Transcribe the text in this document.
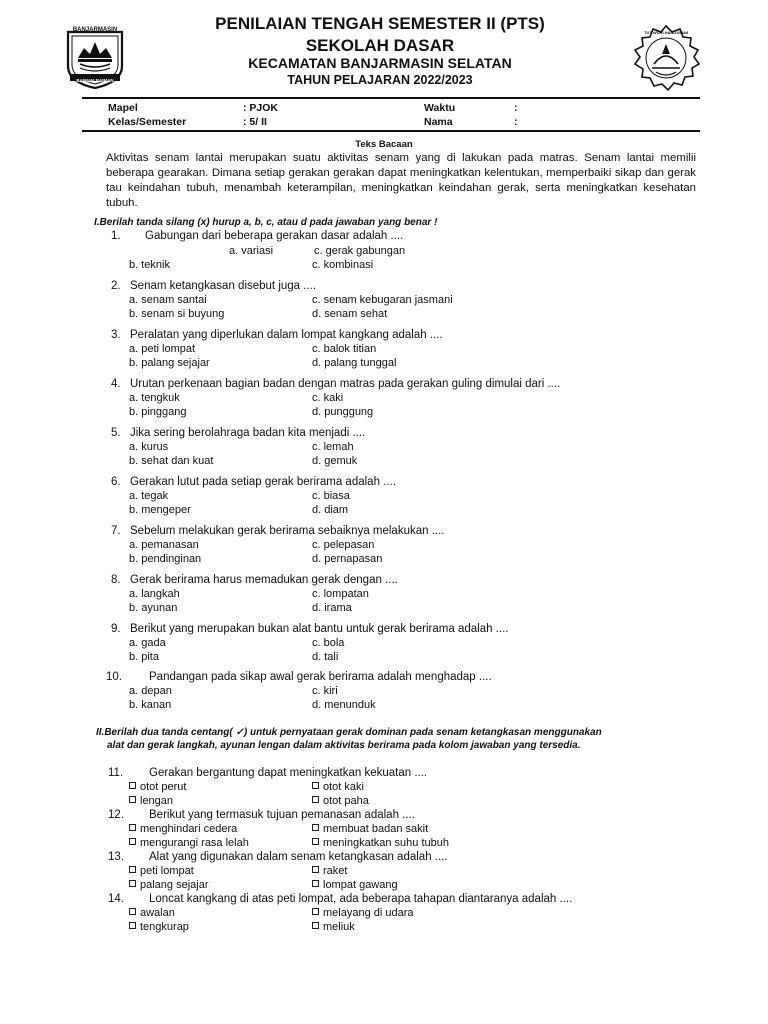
BANJARMASIN
BAIMAN BAIMAN
TUT WURI HANDAYANI
PENILAIAN TENGAH SEMESTER II (PTS)
SEKOLAH DASAR
KECAMATAN BANJARMASIN SELATAN
TAHUN PELAJARAN 2022/2023
Mapel	: PJOK	Waktu	:
Kelas/Semester	: 5/ II	Nama	:
Teks Bacaan
Aktivitas senam lantai merupakan suatu aktivitas senam yang di lakukan pada matras. Senam lantai memilii beberapa gearakan. Dimana setiap gerakan gerakan dapat meningkatkan kelentukan, memperbaiki sikap dan gerak tau keindahan tubuh, menambah keterampilan, meningkatkan keindahan gerak, serta meningkatkan kesehatan tubuh.
I.Berilah tanda silang (x) hurup a, b, c, atau d pada jawaban yang benar !
1. Gabungan dari beberapa gerakan dasar adalah ....
a. variasi	c. gerak gabungan
b. teknik	c. kombinasi
2. Senam ketangkasan disebut juga ....
a. senam santai	c. senam kebugaran jasmani
b. senam si buyung	d. senam sehat
3. Peralatan yang diperlukan dalam lompat kangkang adalah ....
a. peti lompat	c. balok titian
b. palang sejajar	d. palang tunggal
4. Urutan perkenaan bagian badan dengan matras pada gerakan guling dimulai dari ....
a. tengkuk	c. kaki
b. pinggang	d. punggung
5. Jika sering berolahraga badan kita menjadi ....
a. kurus	c. lemah
b. sehat dan kuat	d. gemuk
6. Gerakan lutut pada setiap gerak berirama adalah ....
a. tegak	c. biasa
b. mengeper	d. diam
7. Sebelum melakukan gerak berirama sebaiknya melakukan ....
a. pemanasan	c. pelepasan
b. pendinginan	d. pernapasan
8. Gerak berirama harus memadukan gerak dengan ....
a. langkah	c. lompatan
b. ayunan	d. irama
9. Berikut yang merupakan bukan alat bantu untuk gerak berirama adalah ....
a. gada	c. bola
b. pita	d. tali
10. Pandangan pada sikap awal gerak berirama adalah menghadap ....
a. depan	c. kiri
b. kanan	d. menunduk
II.Berilah dua tanda centang( ✓) untuk pernyataan gerak dominan pada senam ketangkasan menggunakan
alat dan gerak langkah, ayunan lengan dalam aktivitas berirama pada kolom jawaban yang tersedia.
11. Gerakan bergantung dapat meningkatkan kekuatan ....
otot perut	otot kaki
lengan	otot paha
12. Berikut yang termasuk tujuan pemanasan adalah ....
menghindari cedera	membuat badan sakit
mengurangi rasa lelah	meningkatkan suhu tubuh
13. Alat yang digunakan dalam senam ketangkasan adalah ....
peti lompat	raket
palang sejajar	lompat gawang
14. Loncat kangkang di atas peti lompat, ada beberapa tahapan diantaranya adalah ....
awalan	melayang di udara
tengkurap	meliuk
